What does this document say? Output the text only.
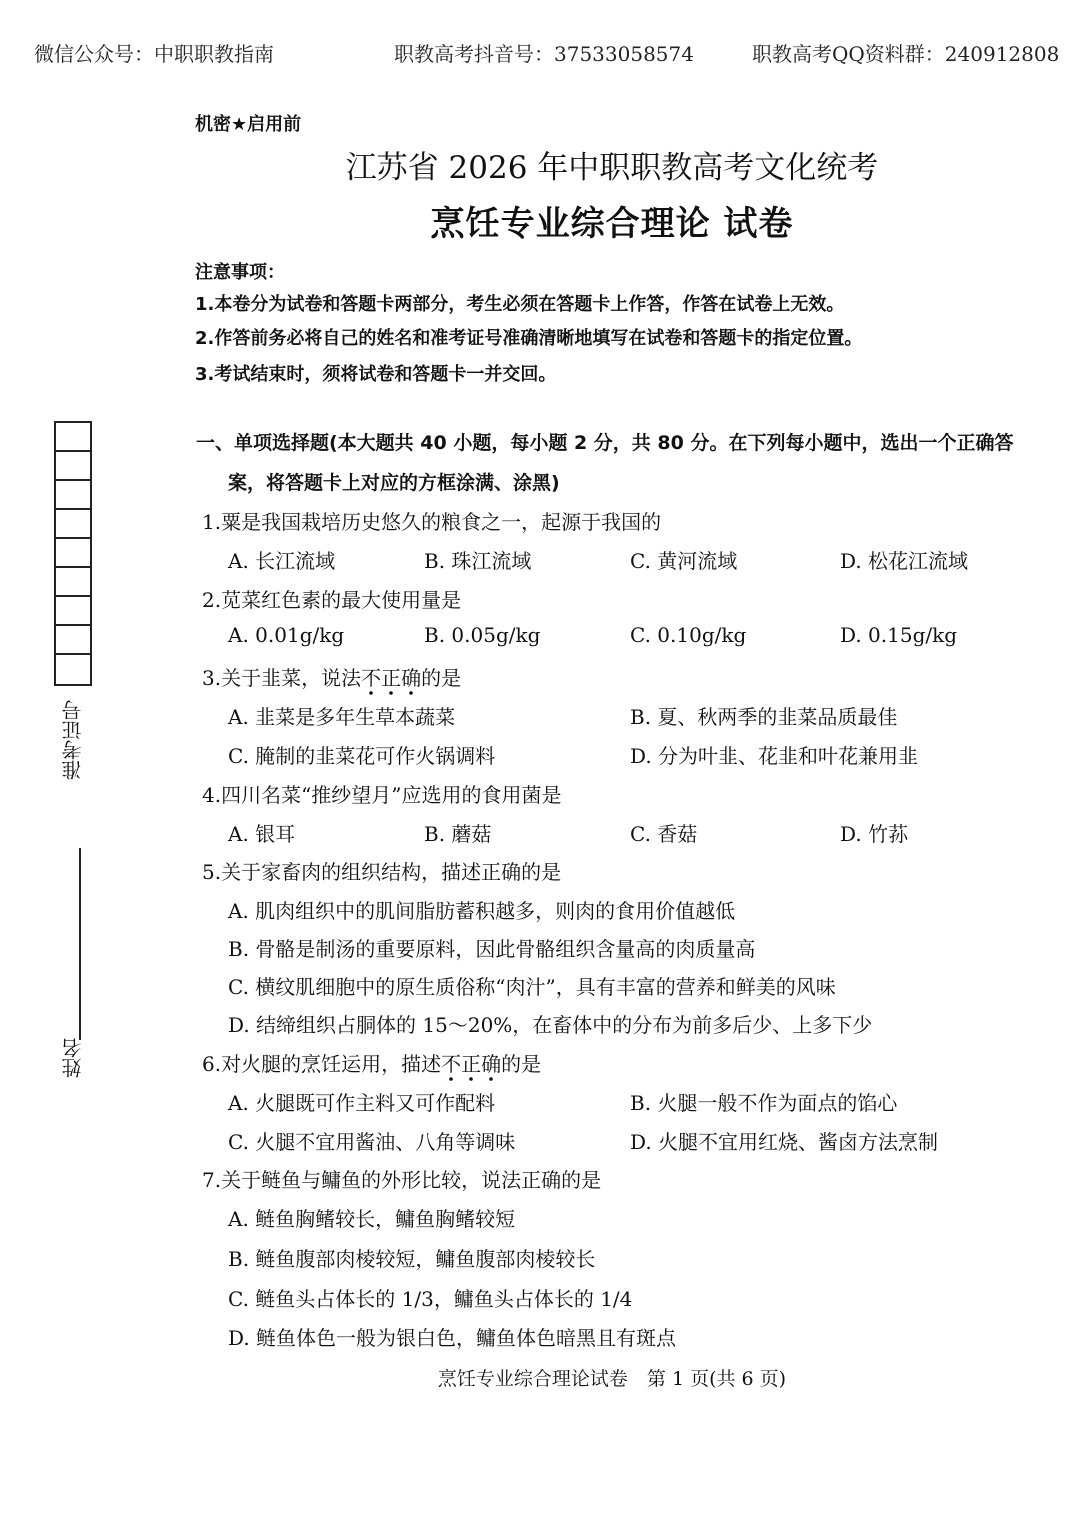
微信公众号：中职职教指南	职教高考抖音号：37533058574	职教高考QQ资料群：240912808
机密★启用前
江苏省 2026 年中职职教高考文化统考
烹饪专业综合理论 试卷
注意事项：
1.本卷分为试卷和答题卡两部分，考生必须在答题卡上作答，作答在试卷上无效。
2.作答前务必将自己的姓名和准考证号准确清晰地填写在试卷和答题卡的指定位置。
3.考试结束时，须将试卷和答题卡一并交回。
准考证号
姓名
一、单项选择题(本大题共 40 小题，每小题 2 分，共 80 分。在下列每小题中，选出一个正确答
案，将答题卡上对应的方框涂满、涂黑)
1.粟是我国栽培历史悠久的粮食之一，起源于我国的
A. 长江流域	B. 珠江流域	C. 黄河流域	D. 松花江流域
2.苋菜红色素的最大使用量是
A. 0.01g/kg	B. 0.05g/kg	C. 0.10g/kg	D. 0.15g/kg
3.关于韭菜，说法不正确
的是
A. 韭菜是多年生草本蔬菜	B. 夏、秋两季的韭菜品质最佳
C. 腌制的韭菜花可作火锅调料	D. 分为叶韭、花韭和叶花兼用韭
4.四川名菜“推纱望月”应选用的食用菌是
A. 银耳	B. 蘑菇	C. 香菇	D. 竹荪
5.关于家畜肉的组织结构，描述正确的是
A. 肌肉组织中的肌间脂肪蓄积越多，则肉的食用价值越低
B. 骨骼是制汤的重要原料，因此骨骼组织含量高的肉质量高
C. 横纹肌细胞中的原生质俗称“肉汁”，具有丰富的营养和鲜美的风味
D. 结缔组织占胴体的 15～20%，在畜体中的分布为前多后少、上多下少
6.对火腿的烹饪运用，描述不正确
的是
A. 火腿既可作主料又可作配料	B. 火腿一般不作为面点的馅心
C. 火腿不宜用酱油、八角等调味	D. 火腿不宜用红烧、酱卤方法烹制
7.关于鲢鱼与鳙鱼的外形比较，说法正确的是
A. 鲢鱼胸鳍较长，鳙鱼胸鳍较短
B. 鲢鱼腹部肉棱较短，鳙鱼腹部肉棱较长
C. 鲢鱼头占体长的 1/3，鳙鱼头占体长的 1/4
D. 鲢鱼体色一般为银白色，鳙鱼体色暗黑且有斑点
烹饪专业综合理论试卷　第 1 页(共 6 页)
